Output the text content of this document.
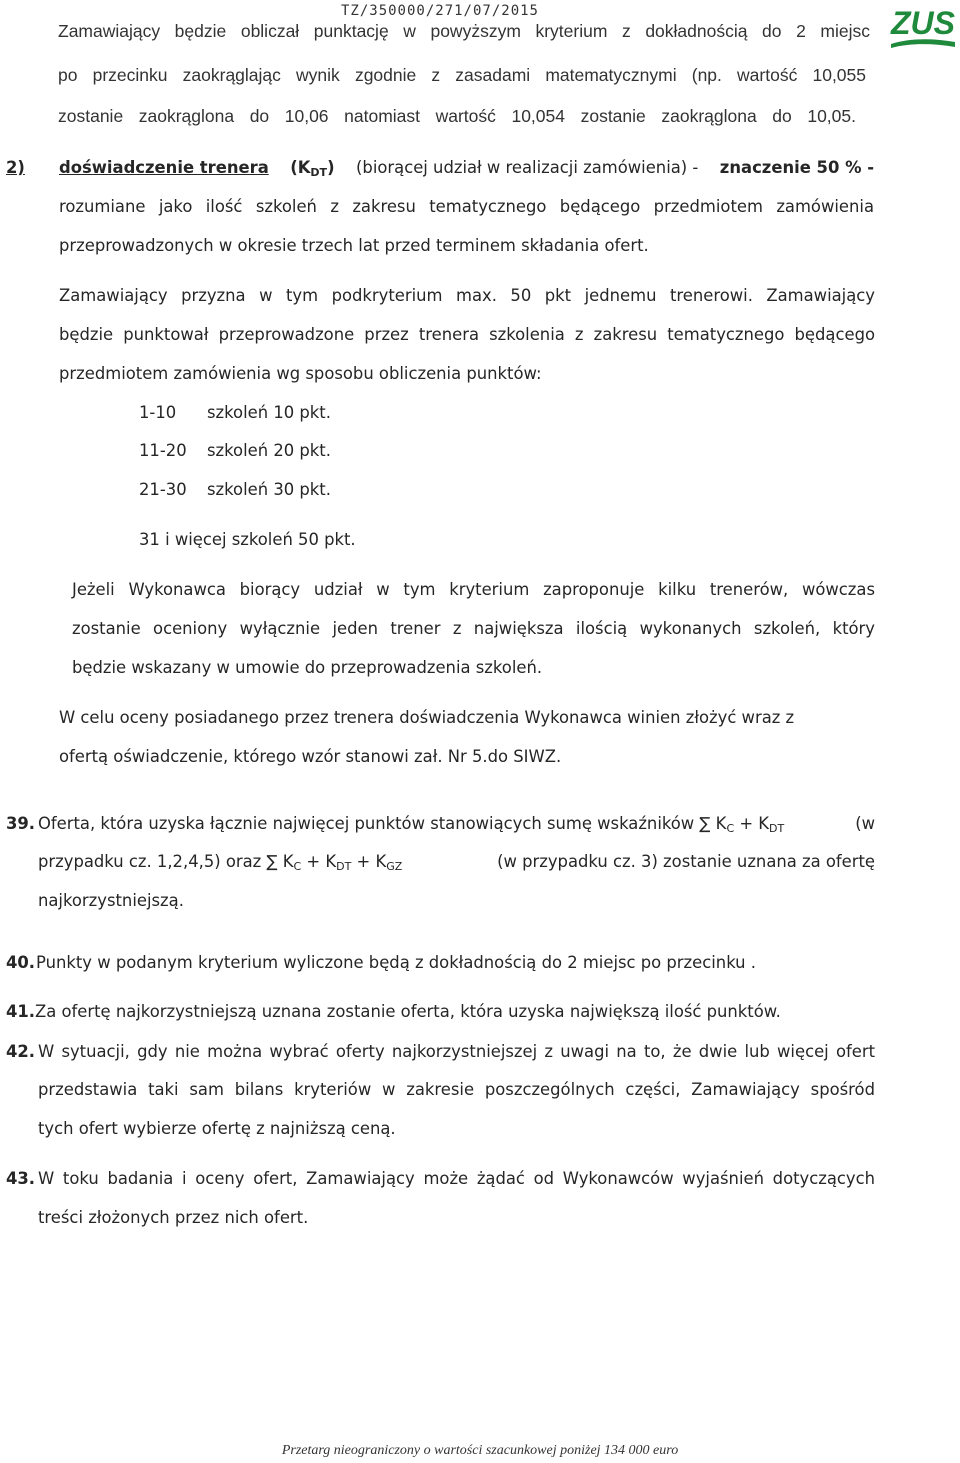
TZ/350000/271/07/2015	ZUS
Zamawiający będzie obliczał punktację w powyższym kryterium z dokładnością do 2 miejsc
po przecinku zaokrąglając wynik zgodnie z zasadami matematycznymi (np. wartość 10,055
zostanie zaokrąglona do 10,06 natomiast wartość 10,054 zostanie zaokrąglona do 10,05.
2) doświadczenie trenera $(K_{DT})$ (biorącej udział w realizacji zamówienia) - znaczenie 50 % -
rozumiane jako ilość szkoleń z zakresu tematycznego będącego przedmiotem zamówienia
przeprowadzonych w okresie trzech lat przed terminem składania ofert.
Zamawiający przyzna w tym podkryterium max. 50 pkt jednemu trenerowi. Zamawiający
będzie punktował przeprowadzone przez trenera szkolenia z zakresu tematycznego będącego
przedmiotem zamówienia wg sposobu obliczenia punktów:
1-10 szkoleń 10 pkt.
11-20 szkoleń 20 pkt.
21-30 szkoleń 30 pkt.
31 i więcej szkoleń 50 pkt.
Jeżeli Wykonawca biorący udział w tym kryterium zaproponuje kilku trenerów, wówczas
zostanie oceniony wyłącznie jeden trener z największa ilością wykonanych szkoleń, który
będzie wskazany w umowie do przeprowadzenia szkoleń.
W celu oceny posiadanego przez trenera doświadczenia Wykonawca winien złożyć wraz z
ofertą oświadczenie, którego wzór stanowi zał. Nr 5.do SIWZ.
39. Oferta, która uzyska łącznie najwięcej punktów stanowiących sumę wskaźników ∑ $K_C + K_{DT}$	(w
przypadku cz. 1,2,4,5) oraz ∑ $K_C + K_{DT} + K_{GZ}$	(w przypadku cz. 3) zostanie uznana za ofertę
najkorzystniejszą.
40. Punkty w podanym kryterium wyliczone będą z dokładnością do 2 miejsc po przecinku .
41. Za ofertę najkorzystniejszą uznana zostanie oferta, która uzyska największą ilość punktów.
42. W sytuacji, gdy nie można wybrać oferty najkorzystniejszej z uwagi na to, że dwie lub więcej ofert
przedstawia taki sam bilans kryteriów w zakresie poszczególnych części, Zamawiający spośród
tych ofert wybierze ofertę z najniższą ceną.
43. W toku badania i oceny ofert, Zamawiający może żądać od Wykonawców wyjaśnień dotyczących
treści złożonych przez nich ofert.
Przetarg nieograniczony o wartości szacunkowej poniżej 134 000 euro
